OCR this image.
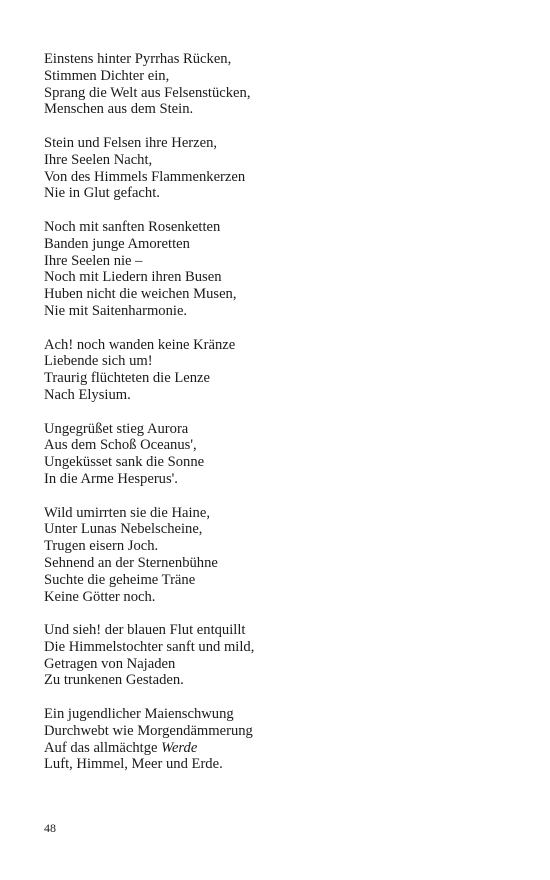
Einstens hinter Pyrrhas Rücken,
Stimmen Dichter ein,
Sprang die Welt aus Felsenstücken,
Menschen aus dem Stein.
Stein und Felsen ihre Herzen,
Ihre Seelen Nacht,
Von des Himmels Flammenkerzen
Nie in Glut gefacht.
Noch mit sanften Rosenketten
Banden junge Amoretten
Ihre Seelen nie –
Noch mit Liedern ihren Busen
Huben nicht die weichen Musen,
Nie mit Saitenharmonie.
Ach! noch wanden keine Kränze
Liebende sich um!
Traurig flüchteten die Lenze
Nach Elysium.
Ungegrüßet stieg Aurora
Aus dem Schoß Oceanus',
Ungeküsset sank die Sonne
In die Arme Hesperus'.
Wild umirrten sie die Haine,
Unter Lunas Nebelscheine,
Trugen eisern Joch.
Sehnend an der Sternenbühne
Suchte die geheime Träne
Keine Götter noch.
Und sieh! der blauen Flut entquillt
Die Himmelstochter sanft und mild,
Getragen von Najaden
Zu trunkenen Gestaden.
Ein jugendlicher Maienschwung
Durchwebt wie Morgendämmerung
Auf das allmächtge Werde
Luft, Himmel, Meer und Erde.
48
